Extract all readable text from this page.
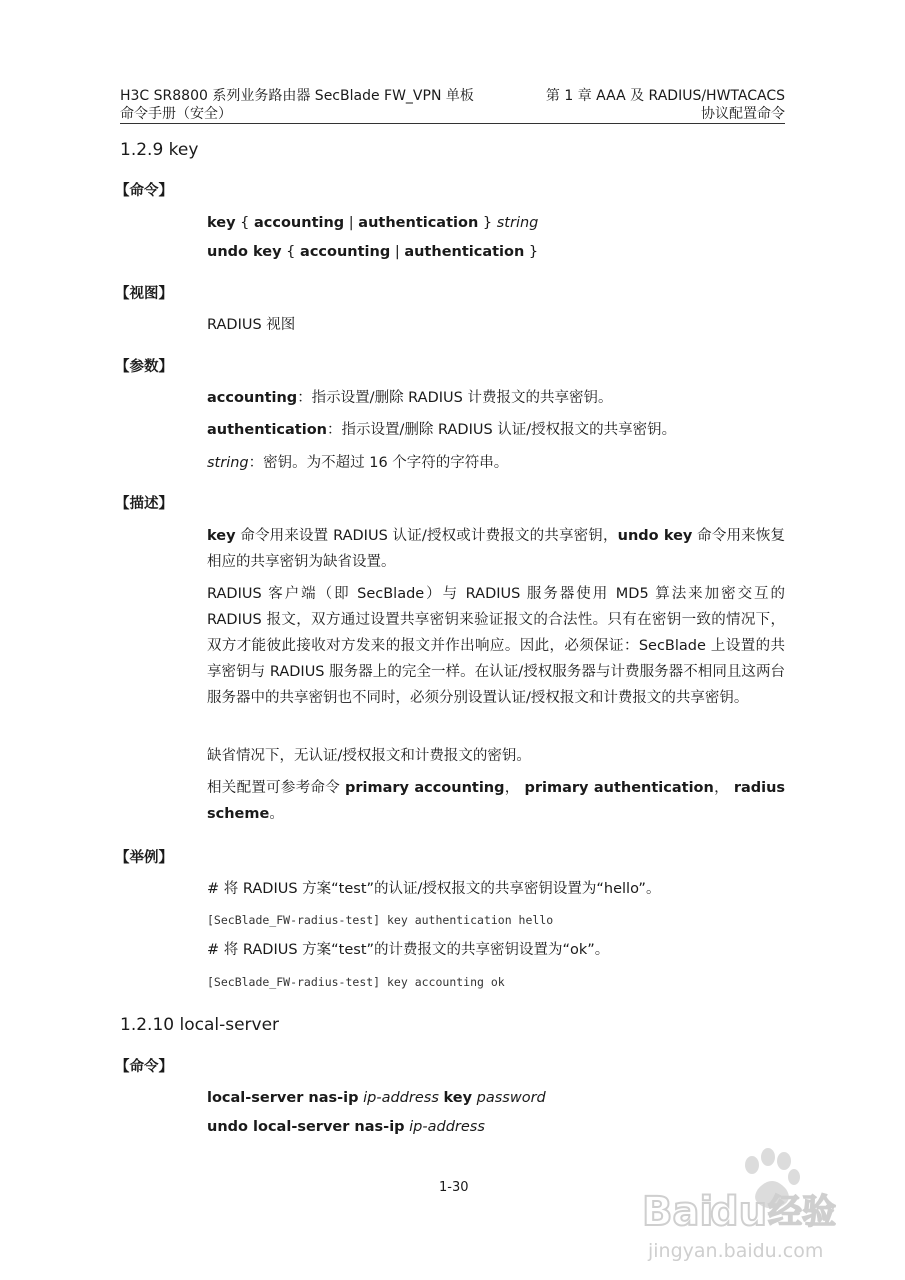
H3C SR8800 系列业务路由器 SecBlade FW_VPN 单板
命令手册（安全）
第 1 章 AAA 及 RADIUS/HWTACACS
协议配置命令
1.2.9 key
【命令】
key { accounting | authentication } string
undo key { accounting | authentication }
【视图】
RADIUS 视图
【参数】
accounting：指示设置/删除 RADIUS 计费报文的共享密钥。
authentication：指示设置/删除 RADIUS 认证/授权报文的共享密钥。
string：密钥。为不超过 16 个字符的字符串。
【描述】
key 命令用来设置 RADIUS 认证/授权或计费报文的共享密钥，undo key 命令用来恢复相应的共享密钥为缺省设置。
RADIUS 客户端（即 SecBlade）与 RADIUS 服务器使用 MD5 算法来加密交互的 RADIUS 报文，双方通过设置共享密钥来验证报文的合法性。只有在密钥一致的情况下，双方才能彼此接收对方发来的报文并作出响应。因此，必须保证：SecBlade 上设置的共享密钥与 RADIUS 服务器上的完全一样。在认证/授权服务器与计费服务器不相同且这两台服务器中的共享密钥也不同时，必须分别设置认证/授权报文和计费报文的共享密钥。
缺省情况下，无认证/授权报文和计费报文的密钥。
相关配置可参考命令 primary accounting， primary authentication， radius scheme。
【举例】
# 将 RADIUS 方案“test”的认证/授权报文的共享密钥设置为“hello”。
[SecBlade_FW-radius-test] key authentication hello
# 将 RADIUS 方案“test”的计费报文的共享密钥设置为“ok”。
[SecBlade_FW-radius-test] key accounting ok
1.2.10 local-server
【命令】
local-server nas-ip ip-address key password
undo local-server nas-ip ip-address
1-30
Bai
du 经验
jingyan.baidu.com
